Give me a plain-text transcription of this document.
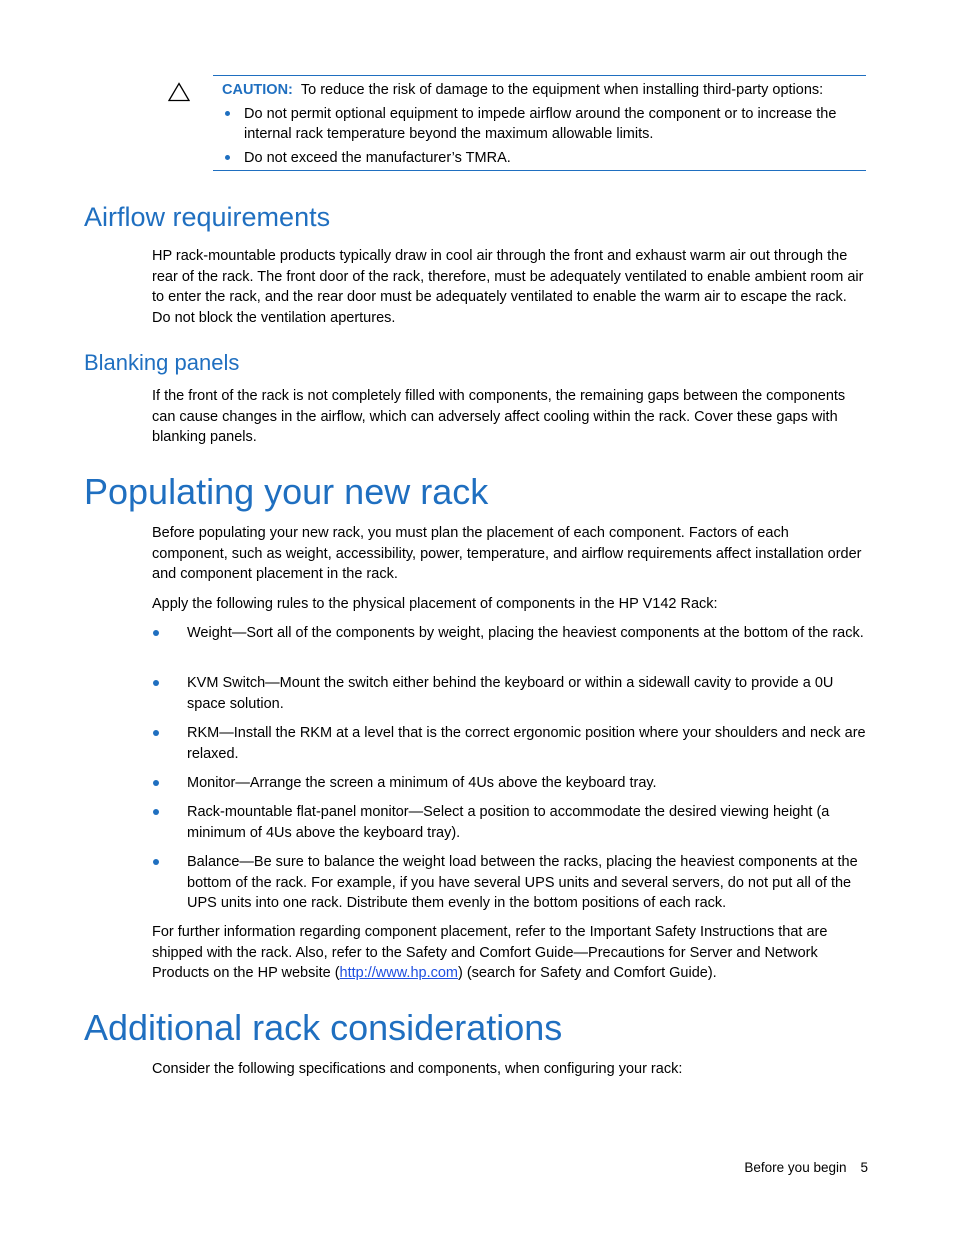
CAUTION: To reduce the risk of damage to the equipment when installing third-party options:
Do not permit optional equipment to impede airflow around the component or to increase the internal rack temperature beyond the maximum allowable limits.
Do not exceed the manufacturer’s TMRA.
Airflow requirements

HP rack-mountable products typically draw in cool air through the front and exhaust warm air out through the rear of the rack. The front door of the rack, therefore, must be adequately ventilated to enable ambient room air to enter the rack, and the rear door must be adequately ventilated to enable the warm air to escape the rack. Do not block the ventilation apertures.

Blanking panels

If the front of the rack is not completely filled with components, the remaining gaps between the components can cause changes in the airflow, which can adversely affect cooling within the rack. Cover these gaps with blanking panels.

Populating your new rack

Before populating your new rack, you must plan the placement of each component. Factors of each component, such as weight, accessibility, power, temperature, and airflow requirements affect installation order and component placement in the rack.

Apply the following rules to the physical placement of components in the HP V142 Rack:

Weight—Sort all of the components by weight, placing the heaviest components at the bottom of the rack.
KVM Switch—Mount the switch either behind the keyboard or within a sidewall cavity to provide a 0U space solution.
RKM—Install the RKM at a level that is the correct ergonomic position where your shoulders and neck are relaxed.
Monitor—Arrange the screen a minimum of 4Us above the keyboard tray.
Rack-mountable flat-panel monitor—Select a position to accommodate the desired viewing height (a minimum of 4Us above the keyboard tray).
Balance—Be sure to balance the weight load between the racks, placing the heaviest components at the bottom of the rack. For example, if you have several UPS units and several servers, do not put all of the UPS units into one rack. Distribute them evenly in the bottom positions of each rack.

For further information regarding component placement, refer to the Important Safety Instructions that are shipped with the rack. Also, refer to the Safety and Comfort Guide—Precautions for Server and Network Products on the HP website (http://www.hp.com) (search for Safety and Comfort Guide).

Additional rack considerations

Consider the following specifications and components, when configuring your rack:

Before you begin 5
